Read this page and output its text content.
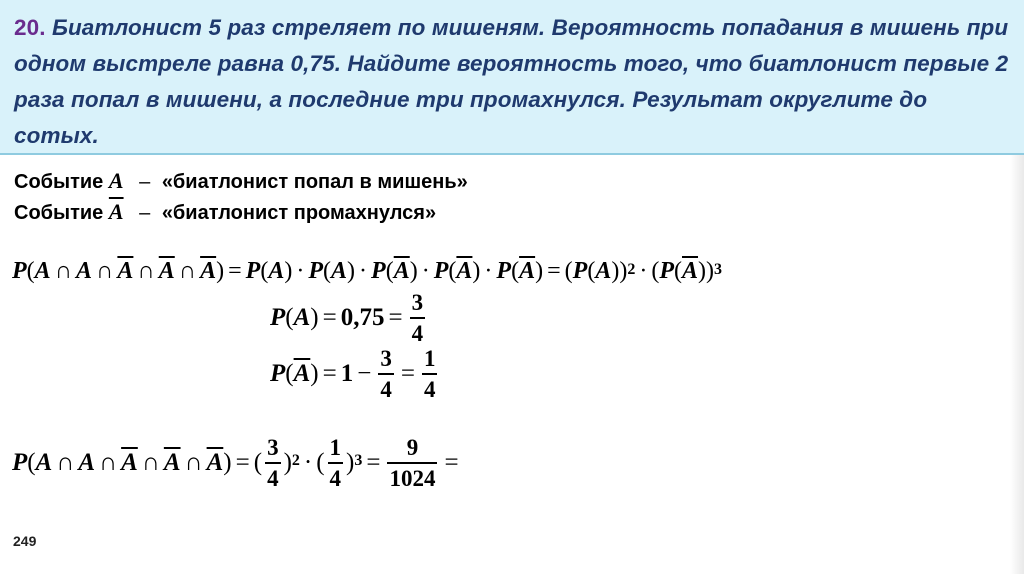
20. Биатлонист 5 раз стреляет по мишеням. Вероятность попадания в мишень при одном выстреле равна 0,75. Найдите вероятность того, что биатлонист первые 2 раза попал в мишени, а последние три промахнулся. Результат округлите до сотых.

Событие A – «биатлонист попал в мишень»
Событие $\overline{A}$ – «биатлонист промахнулся»
P ( A ∩ A ∩ $\overline{A}$ ∩ $\overline{A}$ ∩ $\overline{A}$ ) = P ( A ) · P ( A ) · P ( $\overline{A}$ ) · P ( $\overline{A}$ ) · P ( $\overline{A}$ ) = ( P ( A ))$^2$ · ( P ( $\overline{A}$ ))$^3$
P ( A ) = $0,75 = \frac{3}{4}$
P ( $\overline{A}$ ) = $1 - \frac{3}{4} = \frac{1}{4}$
P ( A ∩ A ∩ $\overline{A}$ ∩ $\overline{A}$ ∩ $\overline{A}$ ) = ( $\frac{3}{4} )^2$ · ( $\frac{1}{4} )^3 = \frac{9}{1024}$ =
249
